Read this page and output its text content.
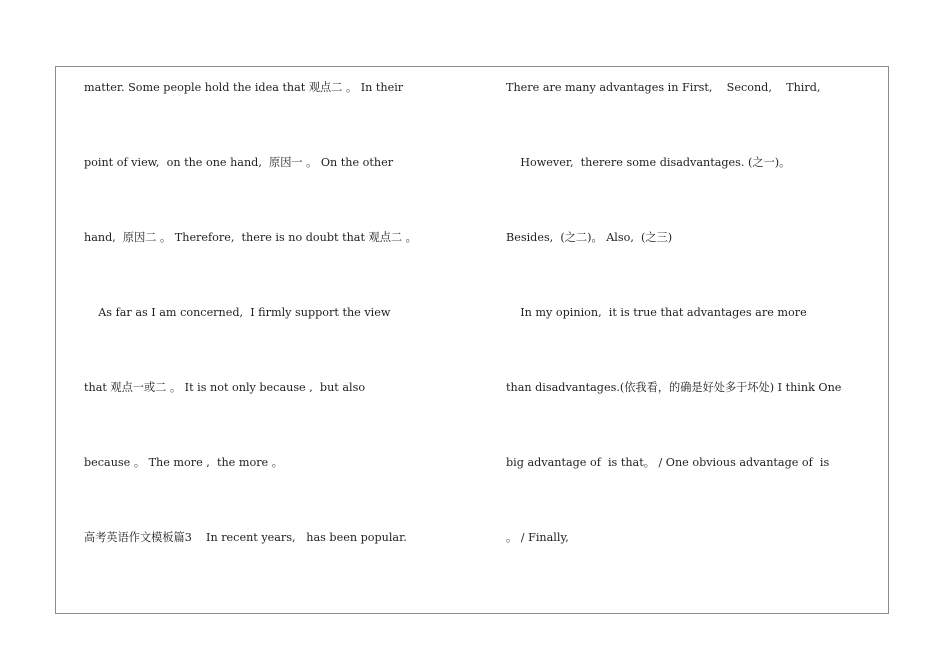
matter. Some people hold the idea that 观点二 。 In their
point of view,  on the one hand,  原因一 。 On the other
hand,  原因二 。 Therefore,  there is no doubt that 观点二 。
As far as I am concerned,  I firmly support the view
that 观点一或二 。 It is not only because ,  but also
because 。 The more ,  the more 。
高考英语作文模板篇3    In recent years,   has been popular.
There are many advantages in First,    Second,    Third,
However,  therere some disadvantages. (之一)。
Besides,  (之二)。 Also,  (之三)
In my opinion,  it is true that advantages are more
than disadvantages.(依我看，的确是好处多于坏处) I think One
big advantage of  is that。 / One obvious advantage of  is
。 / Finally,
